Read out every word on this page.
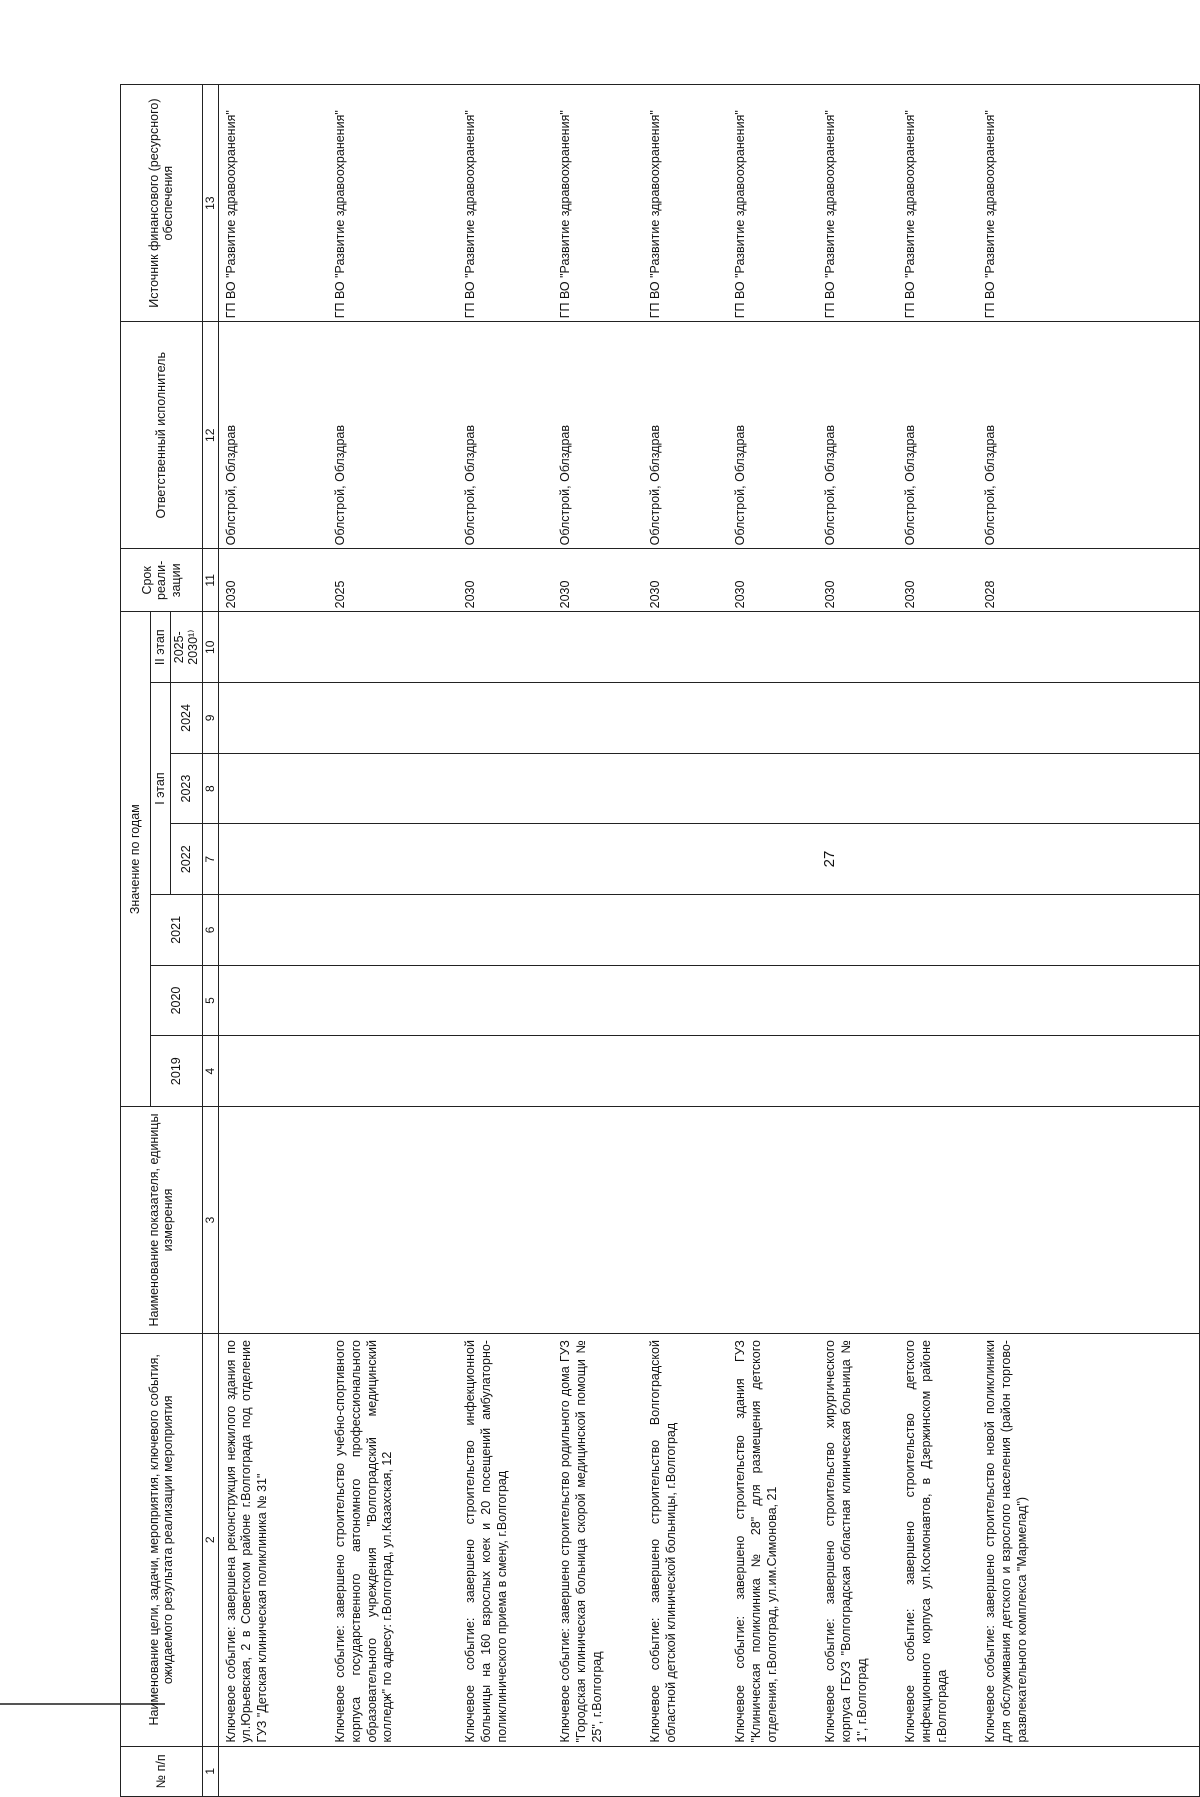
27
№ п/п	Наименование цели, задачи, мероприятия, ключевого события, ожидаемого результата реализации мероприятия	Наименование показателя, единицы измерения	Значение по годам							Срок реали-зации	Ответственный исполнитель	Источник финансового (ресурсного) обеспечения
			2019	2020	2021	I этап			II этап			
						2022	2023	2024	2025-2030¹⁾			
1	2	3	4	5	6	7	8	9	10	11	12	13
	Ключевое событие: завершена реконструкция нежилого здания по ул.Юрьевская, 2 в Советском районе г.Волгограда под отделение ГУЗ "Детская клиническая поликлиника № 31"									2030	Облстрой, Облздрав	ГП ВО "Развитие здравоохранения"
	Ключевое событие: завершено строительство учебно-спортивного корпуса государственного автономного профессионального образовательного учреждения "Волгоградский медицинский колледж" по адресу: г.Волгоград, ул.Казахская, 12									2025	Облстрой, Облздрав	ГП ВО "Развитие здравоохранения"
	Ключевое событие: завершено строительство инфекционной больницы на 160 взрослых коек и 20 посещений амбулаторно-поликлинического приема в смену, г.Волгоград									2030	Облстрой, Облздрав	ГП ВО "Развитие здравоохранения"
	Ключевое событие: завершено строительство родильного дома ГУЗ "Городская клиническая больница скорой медицинской помощи № 25", г.Волгоград									2030	Облстрой, Облздрав	ГП ВО "Развитие здравоохранения"
	Ключевое событие: завершено строительство Волгоградской областной детской клинической больницы, г.Волгоград									2030	Облстрой, Облздрав	ГП ВО "Развитие здравоохранения"
	Ключевое событие: завершено строительство здания ГУЗ "Клиническая поликлиника № 28" для размещения детского отделения, г.Волгоград, ул.им.Симонова, 21									2030	Облстрой, Облздрав	ГП ВО "Развитие здравоохранения"
	Ключевое событие: завершено строительство хирургического корпуса ГБУЗ "Волгоградская областная клиническая больница № 1", г.Волгоград									2030	Облстрой, Облздрав	ГП ВО "Развитие здравоохранения"
	Ключевое событие: завершено строительство детского инфекционного корпуса ул.Космонавтов, в Дзержинском районе г.Волгограда									2030	Облстрой, Облздрав	ГП ВО "Развитие здравоохранения"
	Ключевое событие: завершено строительство новой поликлиники для обслуживания детского и взрослого населения (район торгово-развлекательного комплекса "Мармелад")									2028	Облстрой, Облздрав	ГП ВО "Развитие здравоохранения"
